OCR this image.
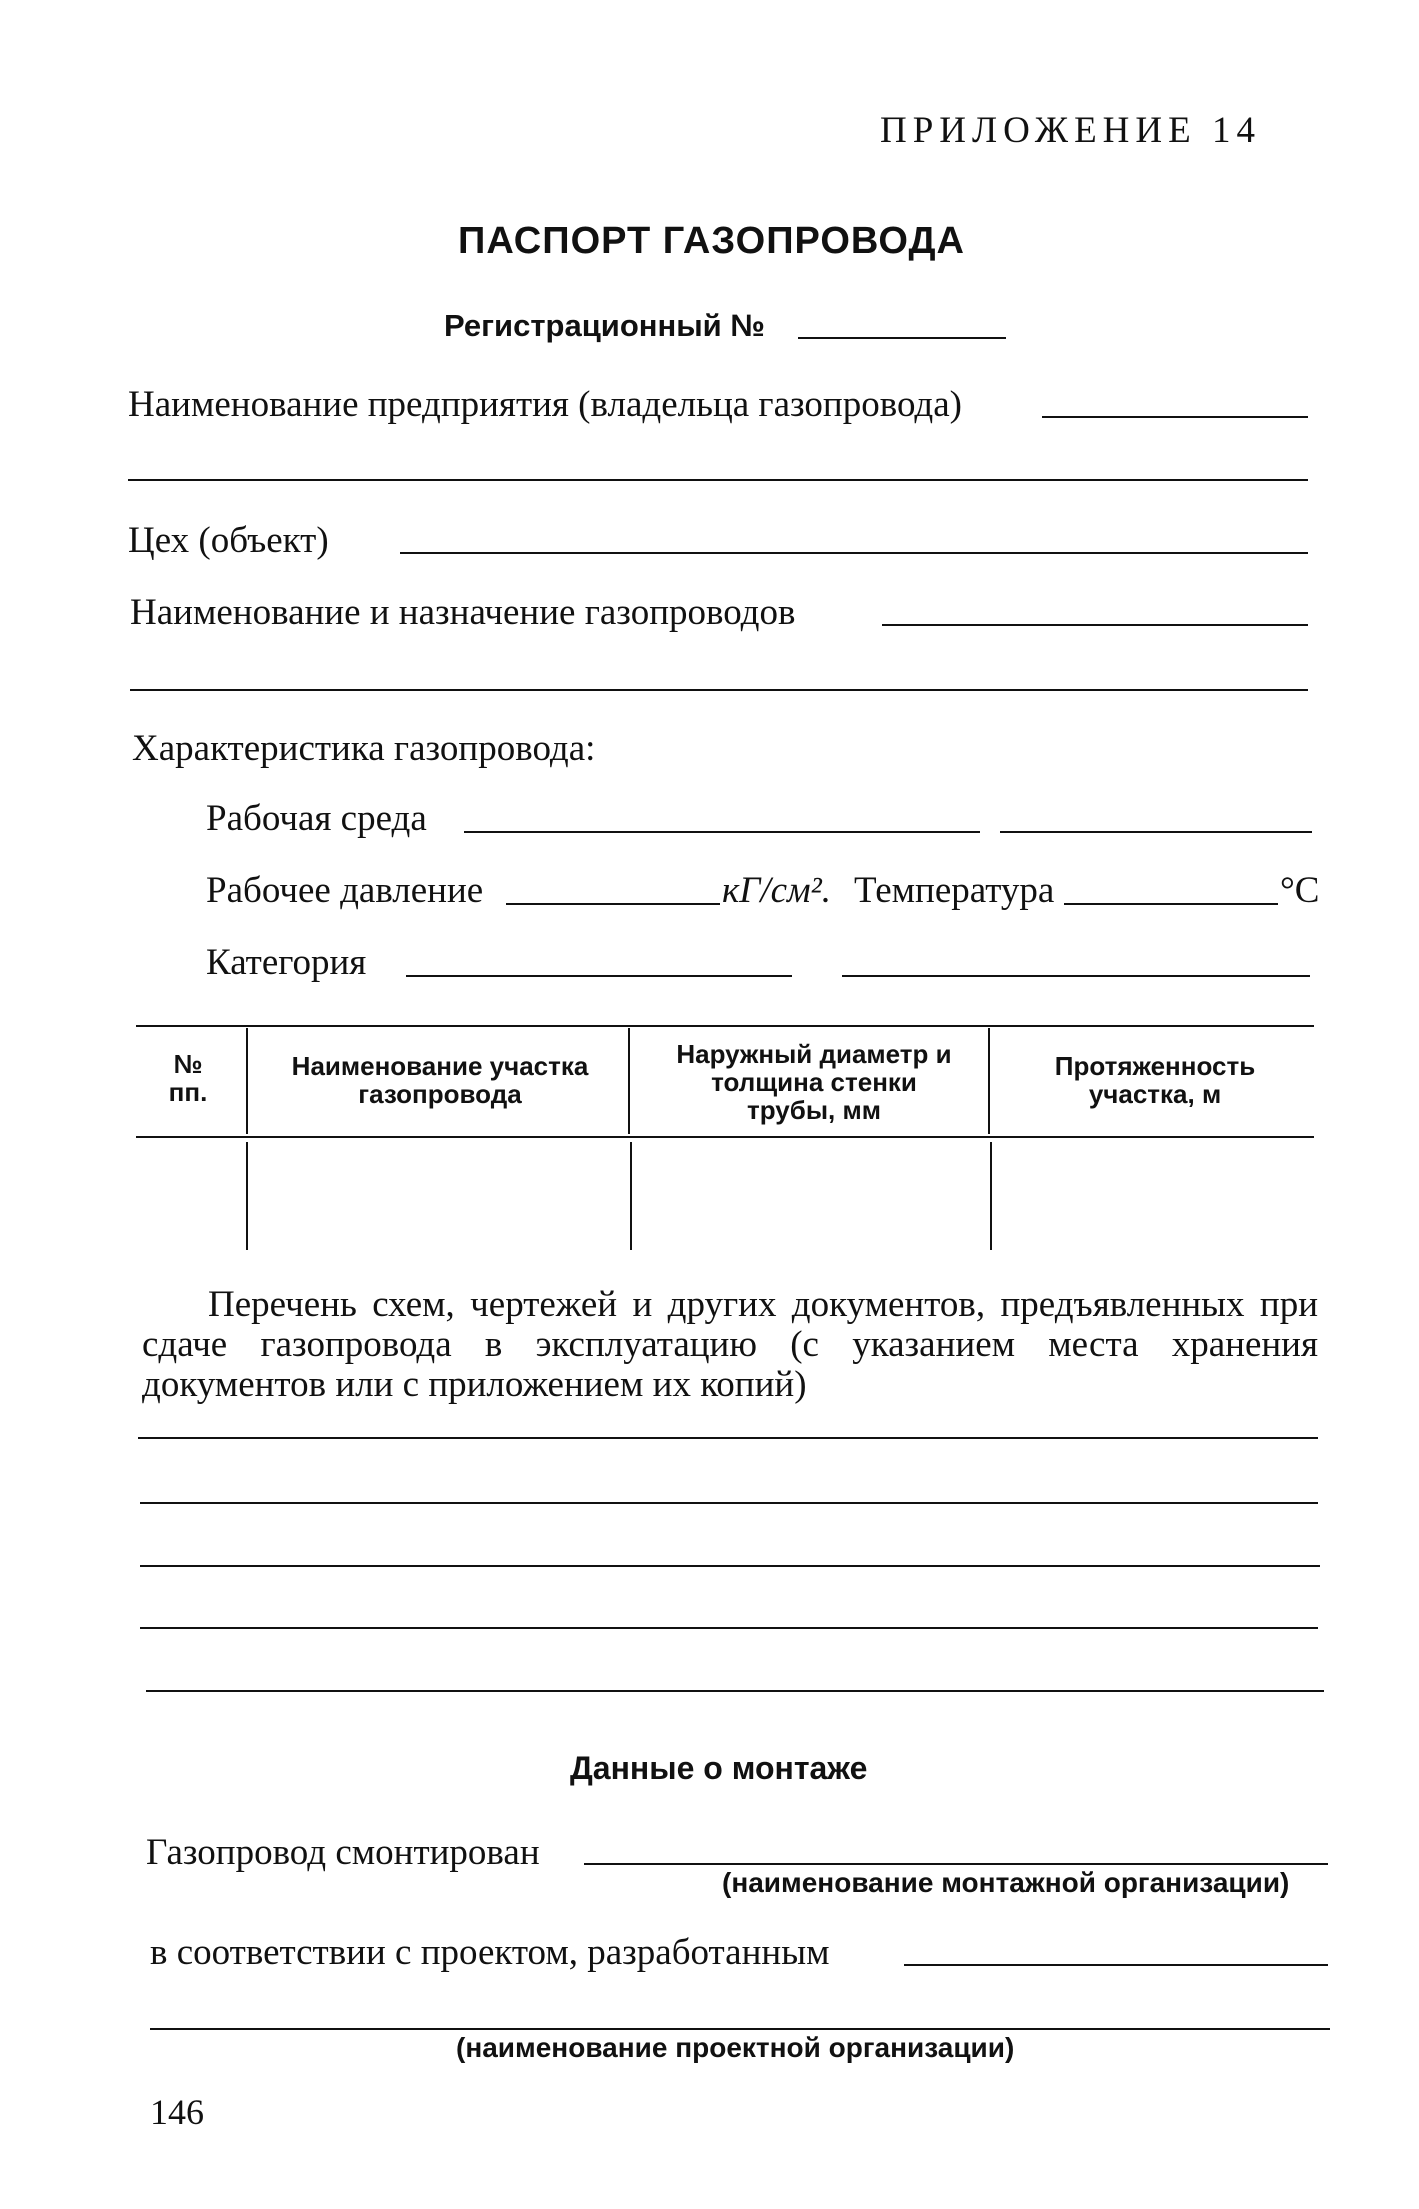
ПРИЛОЖЕНИЕ 14
ПАСПОРТ ГАЗОПРОВОДА
Регистрационный №
Наименование предприятия (владельца газопровода)
Цех (объект)
Наименование и назначение газопроводов
Характеристика газопровода:
Рабочая среда
Рабочее давление	кГ/см². Температура	°С
Категория
№ пп.
Наименование участка газопровода
Наружный диаметр и толщина стенки трубы, мм
Протяженность участка, м
Перечень схем, чертежей и других документов, предъявленных при сдаче газопровода в эксплуатацию (с указанием места хранения документов или с приложением их копий)
Данные о монтаже
Газопровод смонтирован
(наименование монтажной организации)
в соответствии с проектом, разработанным
(наименование проектной организации)
146
